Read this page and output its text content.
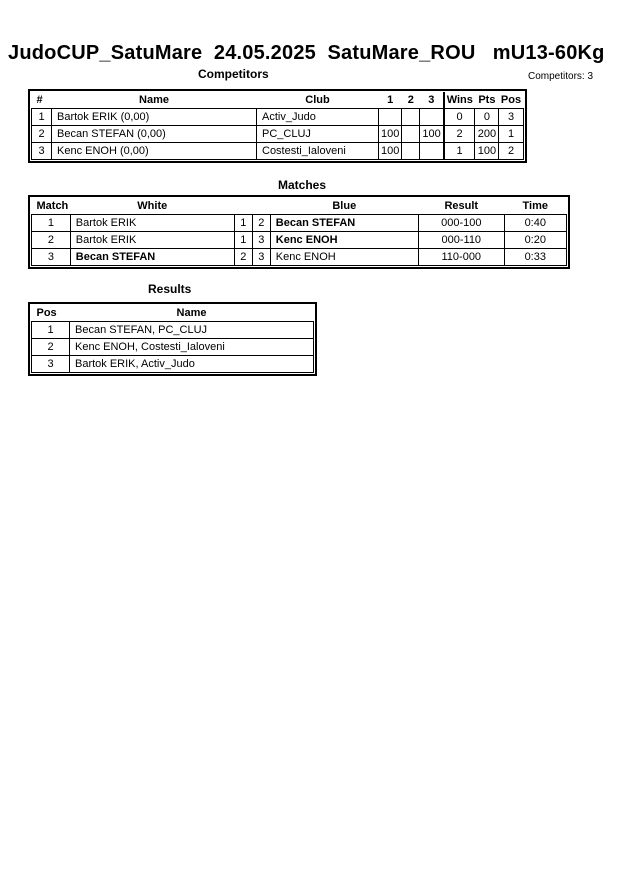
JudoCUP_SatuMare  24.05.2025  SatuMare_ROU   mU13-60Kg
Competitors: 3
Competitors
#	Name	Club	1	2	3	Wins	Pts	Pos
1	Bartok ERIK (0,00)	Activ_Judo				0	0	3
2	Becan STEFAN (0,00)	PC_CLUJ	100		100	2	200	1
3	Kenc ENOH (0,00)	Costesti_Ialoveni	100			1	100	2
Matches
Match	White			Blue	Result	Time
1	Bartok ERIK	1	2	Becan STEFAN	000-100	0:40
2	Bartok ERIK	1	3	Kenc ENOH	000-110	0:20
3	Becan STEFAN	2	3	Kenc ENOH	110-000	0:33
Results
Pos	Name
1	Becan STEFAN, PC_CLUJ
2	Kenc ENOH, Costesti_Ialoveni
3	Bartok ERIK, Activ_Judo
